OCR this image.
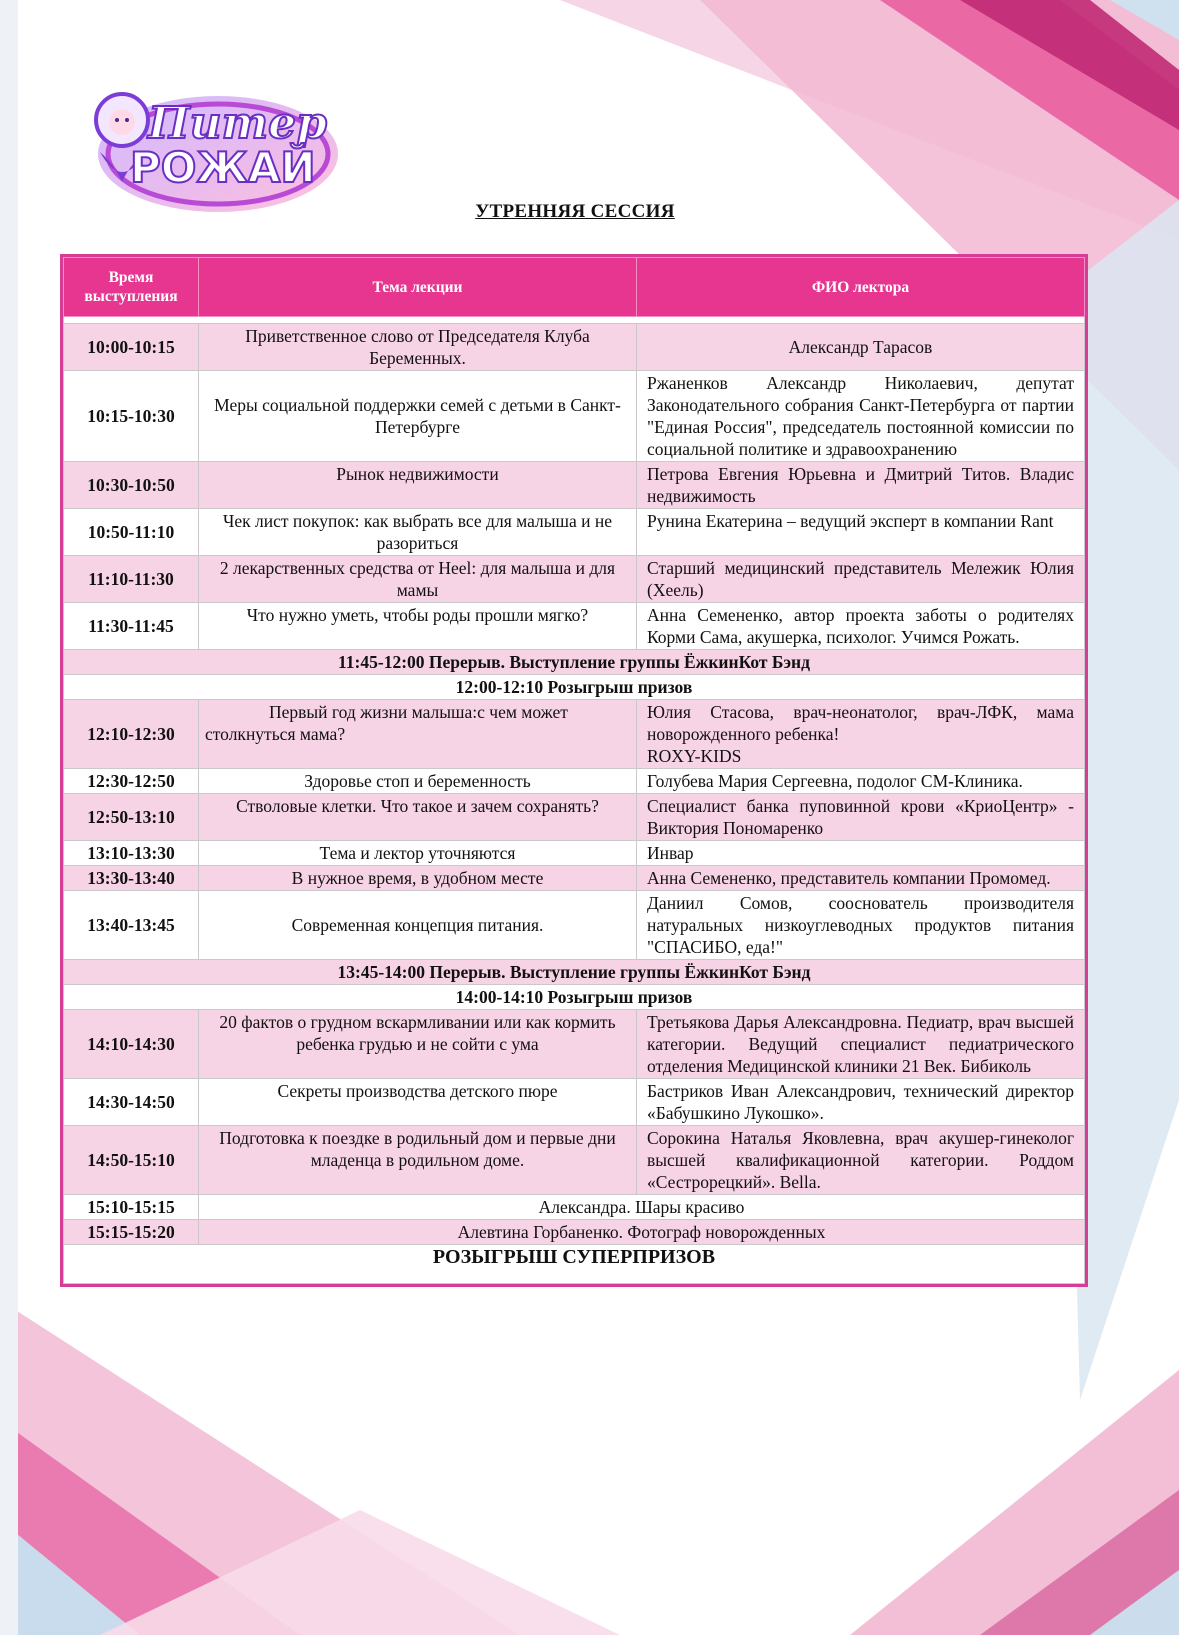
Питер
РОЖАЙ
УТРЕННЯЯ СЕССИЯ
Время
выступления	Тема лекции	ФИО лектора

10:00-10:15	Приветственное слово от Председателя Клуба Беременных.	Александр Тарасов
10:15-10:30	Меры социальной поддержки семей с детьми в Санкт-Петербурге	Ржаненков Александр Николаевич, депутат Законодательного собрания Санкт-Петербурга от партии "Единая Россия", председатель постоянной комиссии по социальной политике и здравоохранению
10:30-10:50	Рынок недвижимости	Петрова Евгения Юрьевна и Дмитрий Титов. Владис недвижимость
10:50-11:10	Чек лист покупок: как выбрать все для малыша и не разориться	Рунина Екатерина – ведущий эксперт в компании Rant
11:10-11:30	2 лекарственных средства от Heel: для малыша и для мамы	Старший медицинский представитель Мележик Юлия (Хеель)
11:30-11:45	Что нужно уметь, чтобы роды прошли мягко?	Анна Семененко, автор проекта заботы о родителях Корми Сама, акушерка, психолог. Учимся Рожать.
11:45-12:00 Перерыв. Выступление группы ЁжкинКот Бэнд		
12:00-12:10 Розыгрыш призов		
12:10-12:30	Первый год жизни малыша:с чем может столкнуться мама?	Юлия Стасова, врач-неонатолог, врач-ЛФК, мама новорожденного ребенка!
ROXY-KIDS

12:30-12:50	Здоровье стоп и беременность	Голубева Мария Сергеевна, подолог СМ-Клиника.
12:50-13:10	Стволовые клетки. Что такое и зачем сохранять?	Специалист банка пуповинной крови «КриоЦентр» - Виктория Пономаренко
13:10-13:30	Тема и лектор уточняются	Инвар
13:30-13:40	В нужное время, в удобном месте	Анна Семененко, представитель компании Промомед.
13:40-13:45	Современная концепция питания.	Даниил Сомов, сооснователь производителя натуральных низкоуглеводных продуктов питания "СПАСИБО, еда!"
13:45-14:00 Перерыв. Выступление группы ЁжкинКот Бэнд		
14:00-14:10 Розыгрыш призов		
14:10-14:30	20 фактов о грудном вскармливании или как кормить ребенка грудью и не сойти с ума	Третьякова Дарья Александровна. Педиатр, врач высшей категории. Ведущий специалист педиатрического отделения Медицинской клиники 21 Век. Бибиколь
14:30-14:50	Секреты производства детского пюре	Бастриков Иван Александрович, технический директор «Бабушкино Лукошко».
14:50-15:10	Подготовка к поездке в родильный дом и первые дни младенца в родильном доме.	Сорокина Наталья Яковлевна, врач акушер-гинеколог высшей квалификационной категории. Роддом «Сестрорецкий». Bella.
15:10-15:15	Александра. Шары красиво	
15:15-15:20	Алевтина Горбаненко. Фотограф новорожденных	
РОЗЫГРЫШ СУПЕРПРИЗОВ		
